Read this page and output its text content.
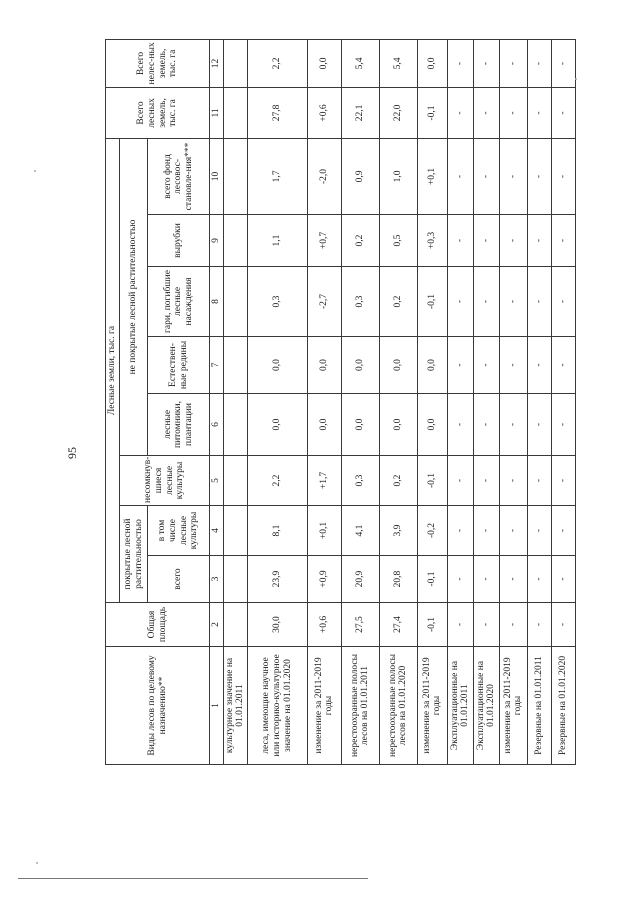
95
Виды лесов по целевому назначению**	Общая площадь	Лесные земли, тыс. га								Всего лесных земель, тыс. га	Всего нелес-ных земель, тыс. га
		покрытые лесной растительностью		несомкнув-шиеся лесные культуры	не покрытые лесной растительностью						
		всего	в том числе лесные культуры		лесные питомники, плантации	Естествен-ные редины	гари, погибшие лесные насаждения	вырубки	всего фонд лесовос-становле-ния***		
1	2	3	4	5	6	7	8	9	10	11	12
культурное значение на 01.01.2011											
леса, имеющие научное или историко-культурное значение на 01.01.2020	30,0	23,9	8,1	2,2	0,0	0,0	0,3	1,1	1,7	27,8	2,2
изменение за 2011-2019 годы	+0,6	+0,9	+0,1	+1,7	0,0	0,0	-2,7	+0,7	-2,0	+0,6	0,0
нерестоохранные полосы лесов на 01.01.2011	27,5	20,9	4,1	0,3	0,0	0,0	0,3	0,2	0,9	22,1	5,4
нерестоохранные полосы лесов на 01.01.2020	27,4	20,8	3,9	0,2	0,0	0,0	0,2	0,5	1,0	22,0	5,4
изменение за 2011-2019 годы	-0,1	-0,1	-0,2	-0,1	0,0	0,0	-0,1	+0,3	+0,1	-0,1	0,0
Эксплуатационные на 01.01.2011	-	-	-	-	-	-	-	-	-	-	-
Эксплуатационные на 01.01.2020	-	-	-	-	-	-	-	-	-	-	-
изменение за 2011-2019 годы	-	-	-	-	-	-	-	-	-	-	-
Резервные на 01.01.2011	-	-	-	-	-	-	-	-	-	-	-
Резервные на 01.01.2020	-	-	-	-	-	-	-	-	-	-	-
